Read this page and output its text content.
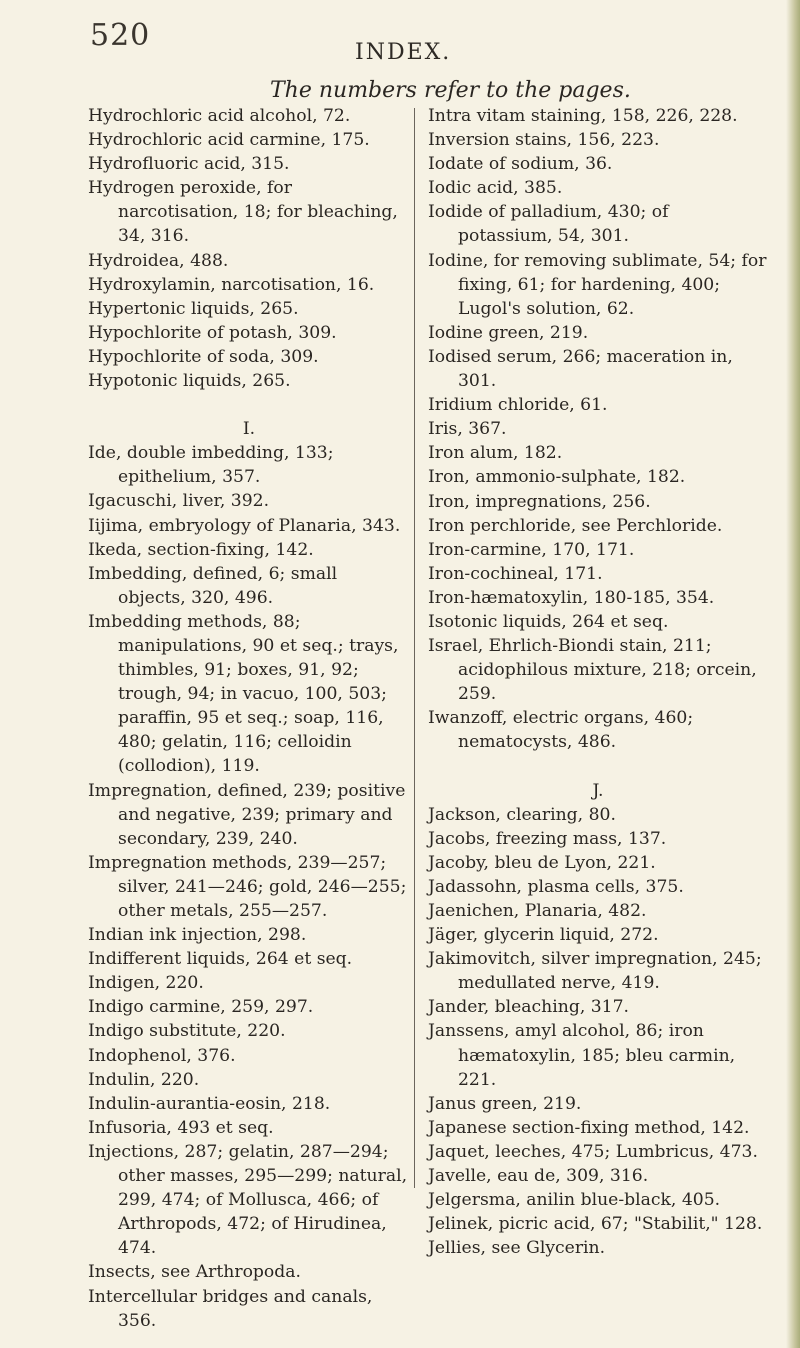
520	INDEX.
The numbers refer to the pages.

Hydrochloric acid alcohol, 72.

Hydrochloric acid carmine, 175.

Hydrofluoric acid, 315.

Hydrogen peroxide, for narcotisation, 18; for bleaching, 34, 316.

Hydroidea, 488.

Hydroxylamin, narcotisation, 16.

Hypertonic liquids, 265.

Hypochlorite of potash, 309.

Hypochlorite of soda, 309.

Hypotonic liquids, 265.

I.

Ide, double imbedding, 133; epithelium, 357.

Igacuschi, liver, 392.

Iijima, embryology of Planaria, 343.

Ikeda, section-fixing, 142.

Imbedding, defined, 6; small objects, 320, 496.

Imbedding methods, 88; manipulations, 90 et seq.; trays, thimbles, 91; boxes, 91, 92; trough, 94; in vacuo, 100, 503; paraffin, 95 et seq.; soap, 116, 480; gelatin, 116; celloidin (collodion), 119.

Impregnation, defined, 239; positive and negative, 239; primary and secondary, 239, 240.

Impregnation methods, 239—257; silver, 241—246; gold, 246—255; other metals, 255—257.

Indian ink injection, 298.

Indifferent liquids, 264 et seq.

Indigen, 220.

Indigo carmine, 259, 297.

Indigo substitute, 220.

Indophenol, 376.

Indulin, 220.

Indulin-aurantia-eosin, 218.

Infusoria, 493 et seq.

Injections, 287; gelatin, 287—294; other masses, 295—299; natural, 299, 474; of Mollusca, 466; of Arthropods, 472; of Hirudinea, 474.

Insects, see Arthropoda.

Intercellular bridges and canals, 356.

Intra vitam staining, 158, 226, 228.

Inversion stains, 156, 223.

Iodate of sodium, 36.

Iodic acid, 385.

Iodide of palladium, 430; of potassium, 54, 301.

Iodine, for removing sublimate, 54; for fixing, 61; for hardening, 400; Lugol's solution, 62.

Iodine green, 219.

Iodised serum, 266; maceration in, 301.

Iridium chloride, 61.

Iris, 367.

Iron alum, 182.

Iron, ammonio-sulphate, 182.

Iron, impregnations, 256.

Iron perchloride, see Perchloride.

Iron-carmine, 170, 171.

Iron-cochineal, 171.

Iron-hæmatoxylin, 180-185, 354.

Isotonic liquids, 264 et seq.

Israel, Ehrlich-Biondi stain, 211; acidophilous mixture, 218; orcein, 259.

Iwanzoff, electric organs, 460; nematocysts, 486.

J.

Jackson, clearing, 80.

Jacobs, freezing mass, 137.

Jacoby, bleu de Lyon, 221.

Jadassohn, plasma cells, 375.

Jaenichen, Planaria, 482.

Jäger, glycerin liquid, 272.

Jakimovitch, silver impregnation, 245; medullated nerve, 419.

Jander, bleaching, 317.

Janssens, amyl alcohol, 86; iron hæmatoxylin, 185; bleu carmin, 221.

Janus green, 219.

Japanese section-fixing method, 142.

Jaquet, leeches, 475; Lumbricus, 473.

Javelle, eau de, 309, 316.

Jelgersma, anilin blue-black, 405.

Jelinek, picric acid, 67; "Stabilit," 128.

Jellies, see Glycerin.
